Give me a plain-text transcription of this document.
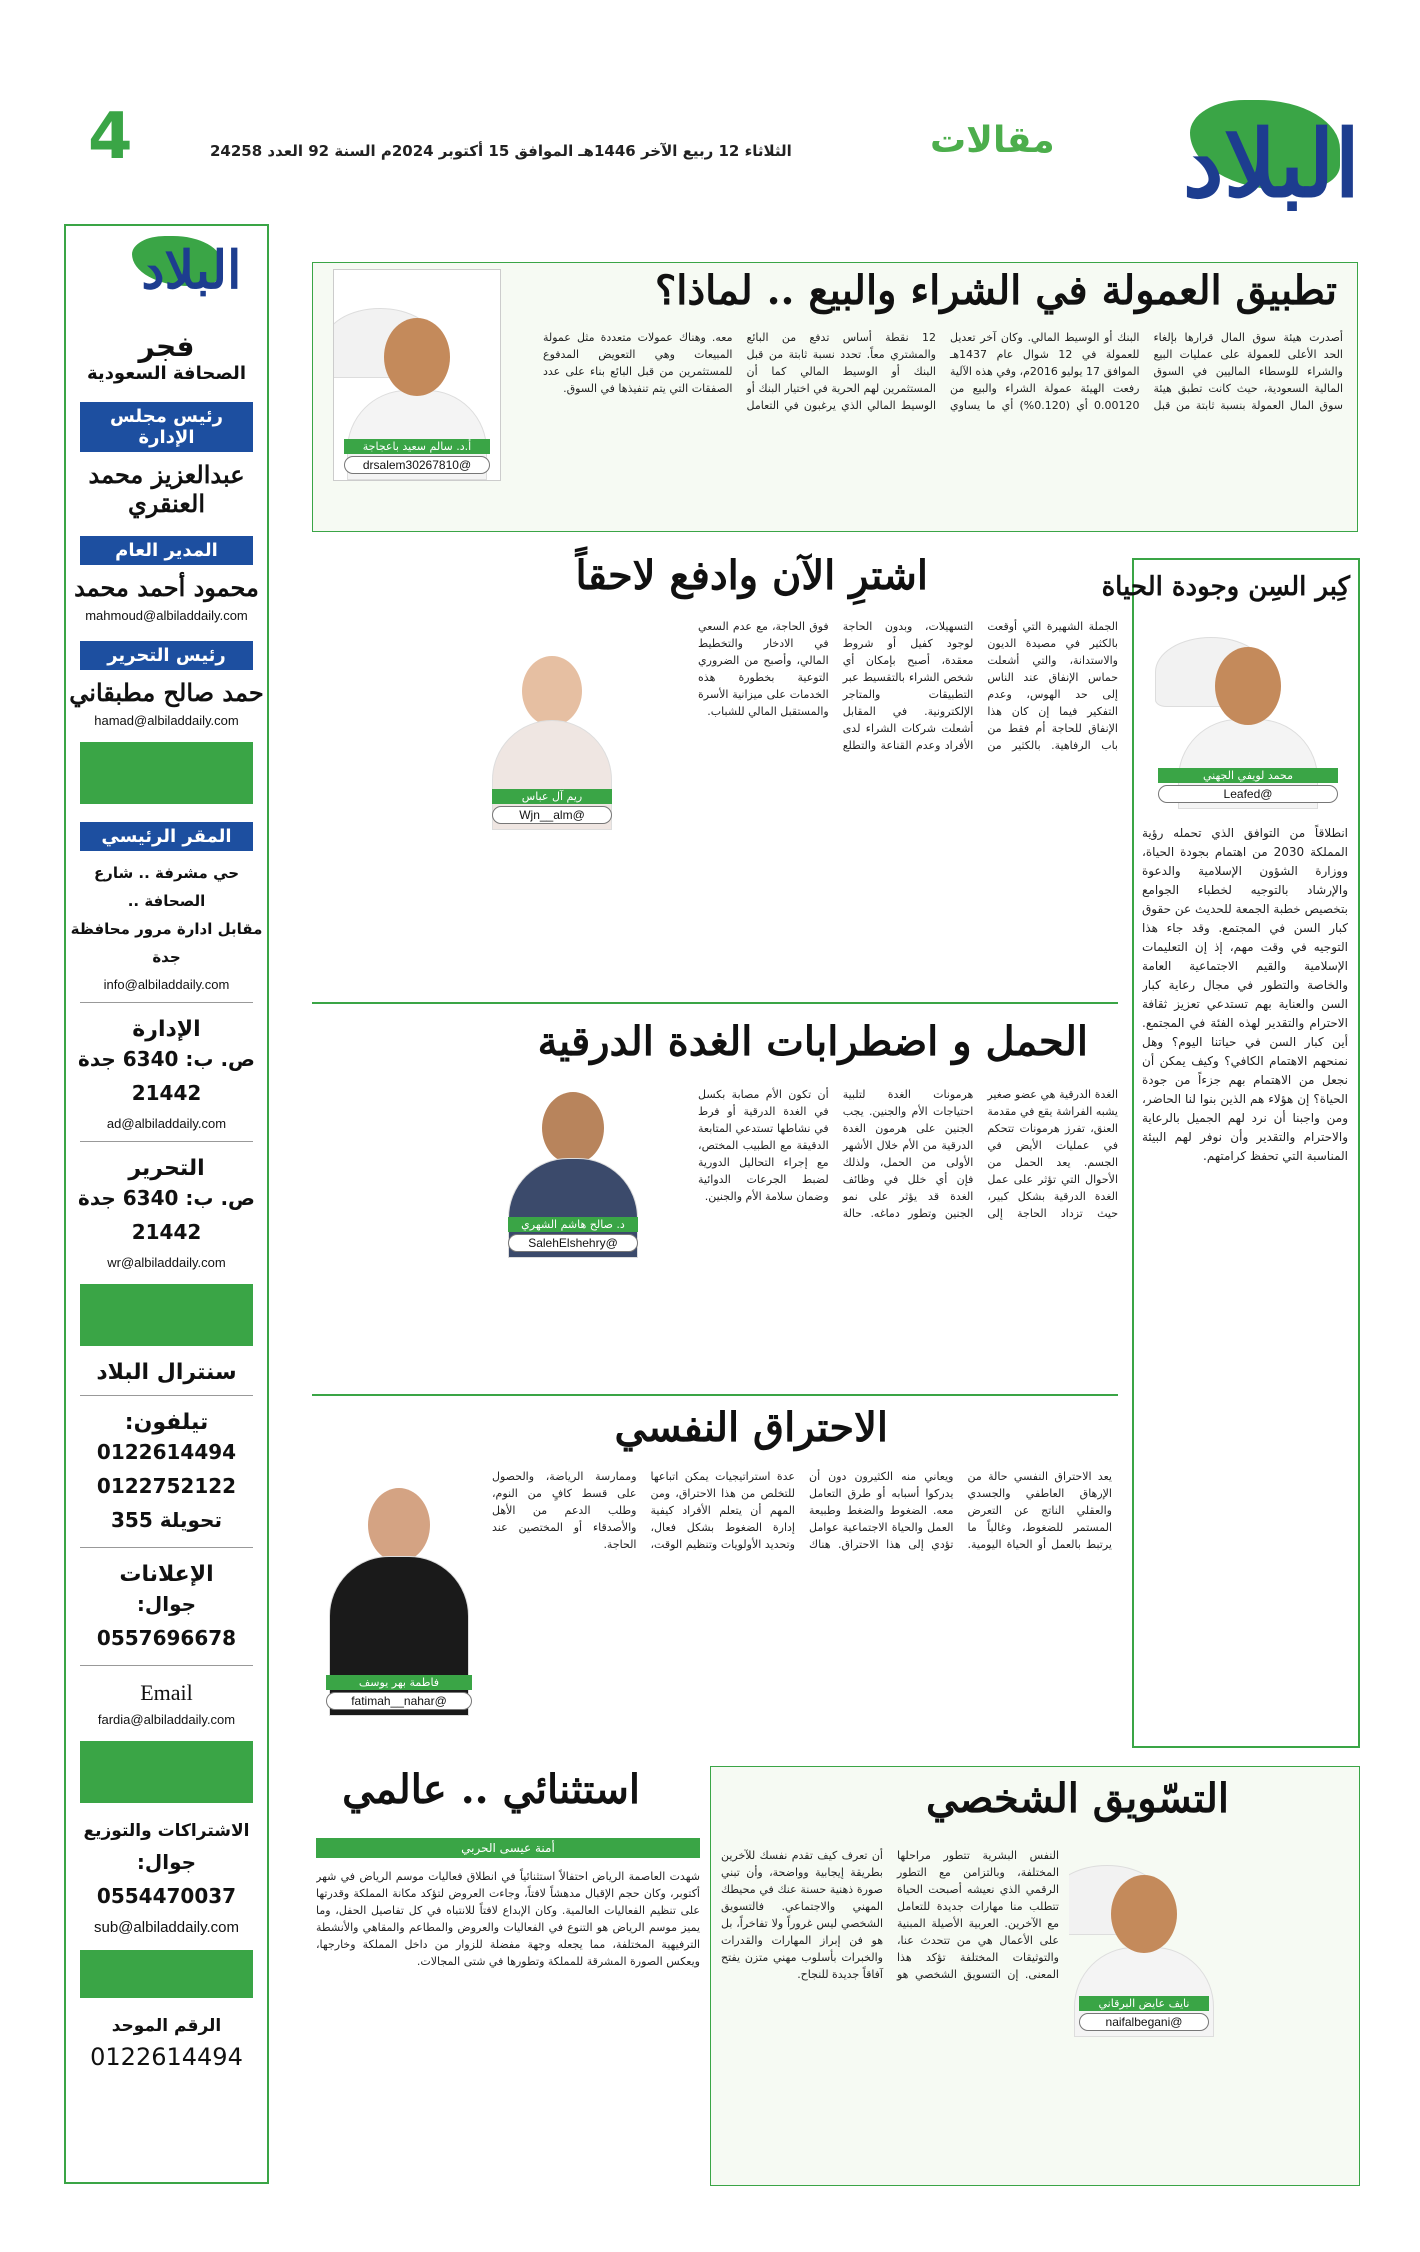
4	الثلاثاء 12 ربيع الآخر 1446هـ الموافق 15 أكتوبر 2024م السنة 92 العدد 24258	مقالات البلاد
البلاد
فجر
الصحافة السعودية
رئيس مجلس الإدارة
عبدالعزيز محمد العنقري
المدير العام
محمود أحمد محمد
mahmoud@albiladdaily.com
رئيس التحرير
حمد صالح مطبقاني
hamad@albiladdaily.com
المقر الرئيسي
حي مشرفة .. شارع الصحافة ..
مقابل ادارة مرور محافظة جدة
info@albiladdaily.com
الإدارة
ص. ب: 6340 جدة 21442
ad@albiladdaily.com
التحرير
ص. ب: 6340 جدة 21442
wr@albiladdaily.com
سنترال البلاد
تيلفون:
0122614494
0122752122
تحويلة 355
الإعلانات
جوال: 0557696678
Email
fardia@albiladdaily.com
الاشتراكات والتوزيع
جوال: 0554470037
sub@albiladdaily.com
الرقم الموحد
0122614494
تطبيق العمولة في الشراء والبيع .. لماذا؟
أصدرت هيئة سوق المال قرارها بإلغاء الحد الأعلى للعمولة على عمليات البيع والشراء للوسطاء الماليين في السوق المالية السعودية، حيث كانت تطبق هيئة سوق المال العمولة بنسبة ثابتة من قبل البنك أو الوسيط المالي. وكان آخر تعديل للعمولة في 12 شوال عام 1437هـ الموافق 17 يوليو 2016م، وفي هذه الآلية رفعت الهيئة عمولة الشراء والبيع من 0.00120 أي (0.120%) أي ما يساوي 12 نقطة أساس تدفع من البائع والمشتري معاً. تحدد نسبة ثابتة من قبل البنك أو الوسيط المالي كما أن المستثمرين لهم الحرية في اختيار البنك أو الوسيط المالي الذي يرغبون في التعامل معه. وهناك عمولات متعددة مثل عمولة المبيعات وهي التعويض المدفوع للمستثمرين من قبل البائع بناء على عدد الصفقات التي يتم تنفيذها في السوق.
أ.د. سالم سعيد باعجاجة
@drsalem30267810
اشترِ الآن وادفع لاحقاً
الجملة الشهيرة التي أوقعت بالكثير في مصيدة الديون والاستدانة، والتي أشعلت حماس الإنفاق عند الناس إلى حد الهوس، وعدم التفكير فيما إن كان هذا الإنفاق للحاجة أم فقط من باب الرفاهية. بالكثير من التسهيلات، وبدون الحاجة لوجود كفيل أو شروط معقدة، أصبح بإمكان أي شخص الشراء بالتقسيط عبر التطبيقات والمتاجر الإلكترونية. في المقابل أشعلت شركات الشراء لدى الأفراد وعدم القناعة والتطلع فوق الحاجة، مع عدم السعي في الادخار والتخطيط المالي، وأصبح من الضروري التوعية بخطورة هذه الخدمات على ميزانية الأسرة والمستقبل المالي للشباب.
ريم آل عباس
@Wjn__alm
كِبر السِن وجودة الحياة
محمد لويفي الجهني
@Leafed
انطلاقاً من التوافق الذي تحمله رؤية المملكة 2030 من اهتمام بجودة الحياة، ووزارة الشؤون الإسلامية والدعوة والإرشاد بالتوجيه لخطباء الجوامع بتخصيص خطبة الجمعة للحديث عن حقوق كبار السن في المجتمع. وقد جاء هذا التوجيه في وقت مهم، إذ إن التعليمات الإسلامية والقيم الاجتماعية العامة والخاصة والتطور في مجال رعاية كبار السن والعناية بهم تستدعي تعزيز ثقافة الاحترام والتقدير لهذه الفئة في المجتمع. أين كبار السن في حياتنا اليوم؟ وهل نمنحهم الاهتمام الكافي؟ وكيف يمكن أن نجعل من الاهتمام بهم جزءاً من جودة الحياة؟ إن هؤلاء هم الذين بنوا لنا الحاضر، ومن واجبنا أن نرد لهم الجميل بالرعاية والاحترام والتقدير وأن نوفر لهم البيئة المناسبة التي تحفظ كرامتهم.
الحمل و اضطرابات الغدة الدرقية
الغدة الدرقية هي عضو صغير يشبه الفراشة يقع في مقدمة العنق، تفرز هرمونات تتحكم في عمليات الأيض في الجسم. يعد الحمل من الأحوال التي تؤثر على عمل الغدة الدرقية بشكل كبير، حيث تزداد الحاجة إلى هرمونات الغدة لتلبية احتياجات الأم والجنين. يجب الجنين على هرمون الغدة الدرقية من الأم خلال الأشهر الأولى من الحمل، ولذلك فإن أي خلل في وظائف الغدة قد يؤثر على نمو الجنين وتطور دماغه. حالة أن تكون الأم مصابة بكسل في الغدة الدرقية أو فرط في نشاطها تستدعي المتابعة الدقيقة مع الطبيب المختص، مع إجراء التحاليل الدورية لضبط الجرعات الدوائية وضمان سلامة الأم والجنين.
د. صالح هاشم الشهري
@SalehElshehry
الاحتراق النفسي
يعد الاحتراق النفسي حالة من الإرهاق العاطفي والجسدي والعقلي الناتج عن التعرض المستمر للضغوط، وغالباً ما يرتبط بالعمل أو الحياة اليومية. ويعاني منه الكثيرون دون أن يدركوا أسبابه أو طرق التعامل معه. الضغوط والضغط وطبيعة العمل والحياة الاجتماعية عوامل تؤدي إلى هذا الاحتراق. هناك عدة استراتيجيات يمكن اتباعها للتخلص من هذا الاحتراق، ومن المهم أن يتعلم الأفراد كيفية إدارة الضغوط بشكل فعال، وتحديد الأولويات وتنظيم الوقت، وممارسة الرياضة، والحصول على قسط كافٍ من النوم، وطلب الدعم من الأهل والأصدقاء أو المختصين عند الحاجة.
فاطمة بهر يوسف
@fatimah__nahar
التسّويق الشخصي
نايف عايض البرقاني
@naifalbegani
النفس البشرية تتطور مراحلها المختلفة، وبالتزامن مع التطور الرقمي الذي نعيشه أصبحت الحياة تتطلب منا مهارات جديدة للتعامل مع الآخرين. العربية الأصيلة المبنية على الأعمال هي من تتحدث عنا، والتوثيقات المختلفة تؤكد هذا المعنى. إن التسويق الشخصي هو أن تعرف كيف تقدم نفسك للآخرين بطريقة إيجابية وواضحة، وأن تبني صورة ذهنية حسنة عنك في محيطك المهني والاجتماعي. فالتسويق الشخصي ليس غروراً ولا تفاخراً، بل هو فن إبراز المهارات والقدرات والخبرات بأسلوب مهني متزن يفتح آفاقاً جديدة للنجاح.
استثنائي .. عالمي
أمنة عيسى الحربي
شهدت العاصمة الرياض احتفالاً استثنائياً في انطلاق فعاليات موسم الرياض في شهر أكتوبر، وكان حجم الإقبال مدهشاً لافتاً، وجاءت العروض لتؤكد مكانة المملكة وقدرتها على تنظيم الفعاليات العالمية. وكان الإبداع لافتاً للانتباه في كل تفاصيل الحفل، وما يميز موسم الرياض هو التنوع في الفعاليات والعروض والمطاعم والمقاهي والأنشطة الترفيهية المختلفة، مما يجعله وجهة مفضلة للزوار من داخل المملكة وخارجها، ويعكس الصورة المشرقة للمملكة وتطورها في شتى المجالات.
